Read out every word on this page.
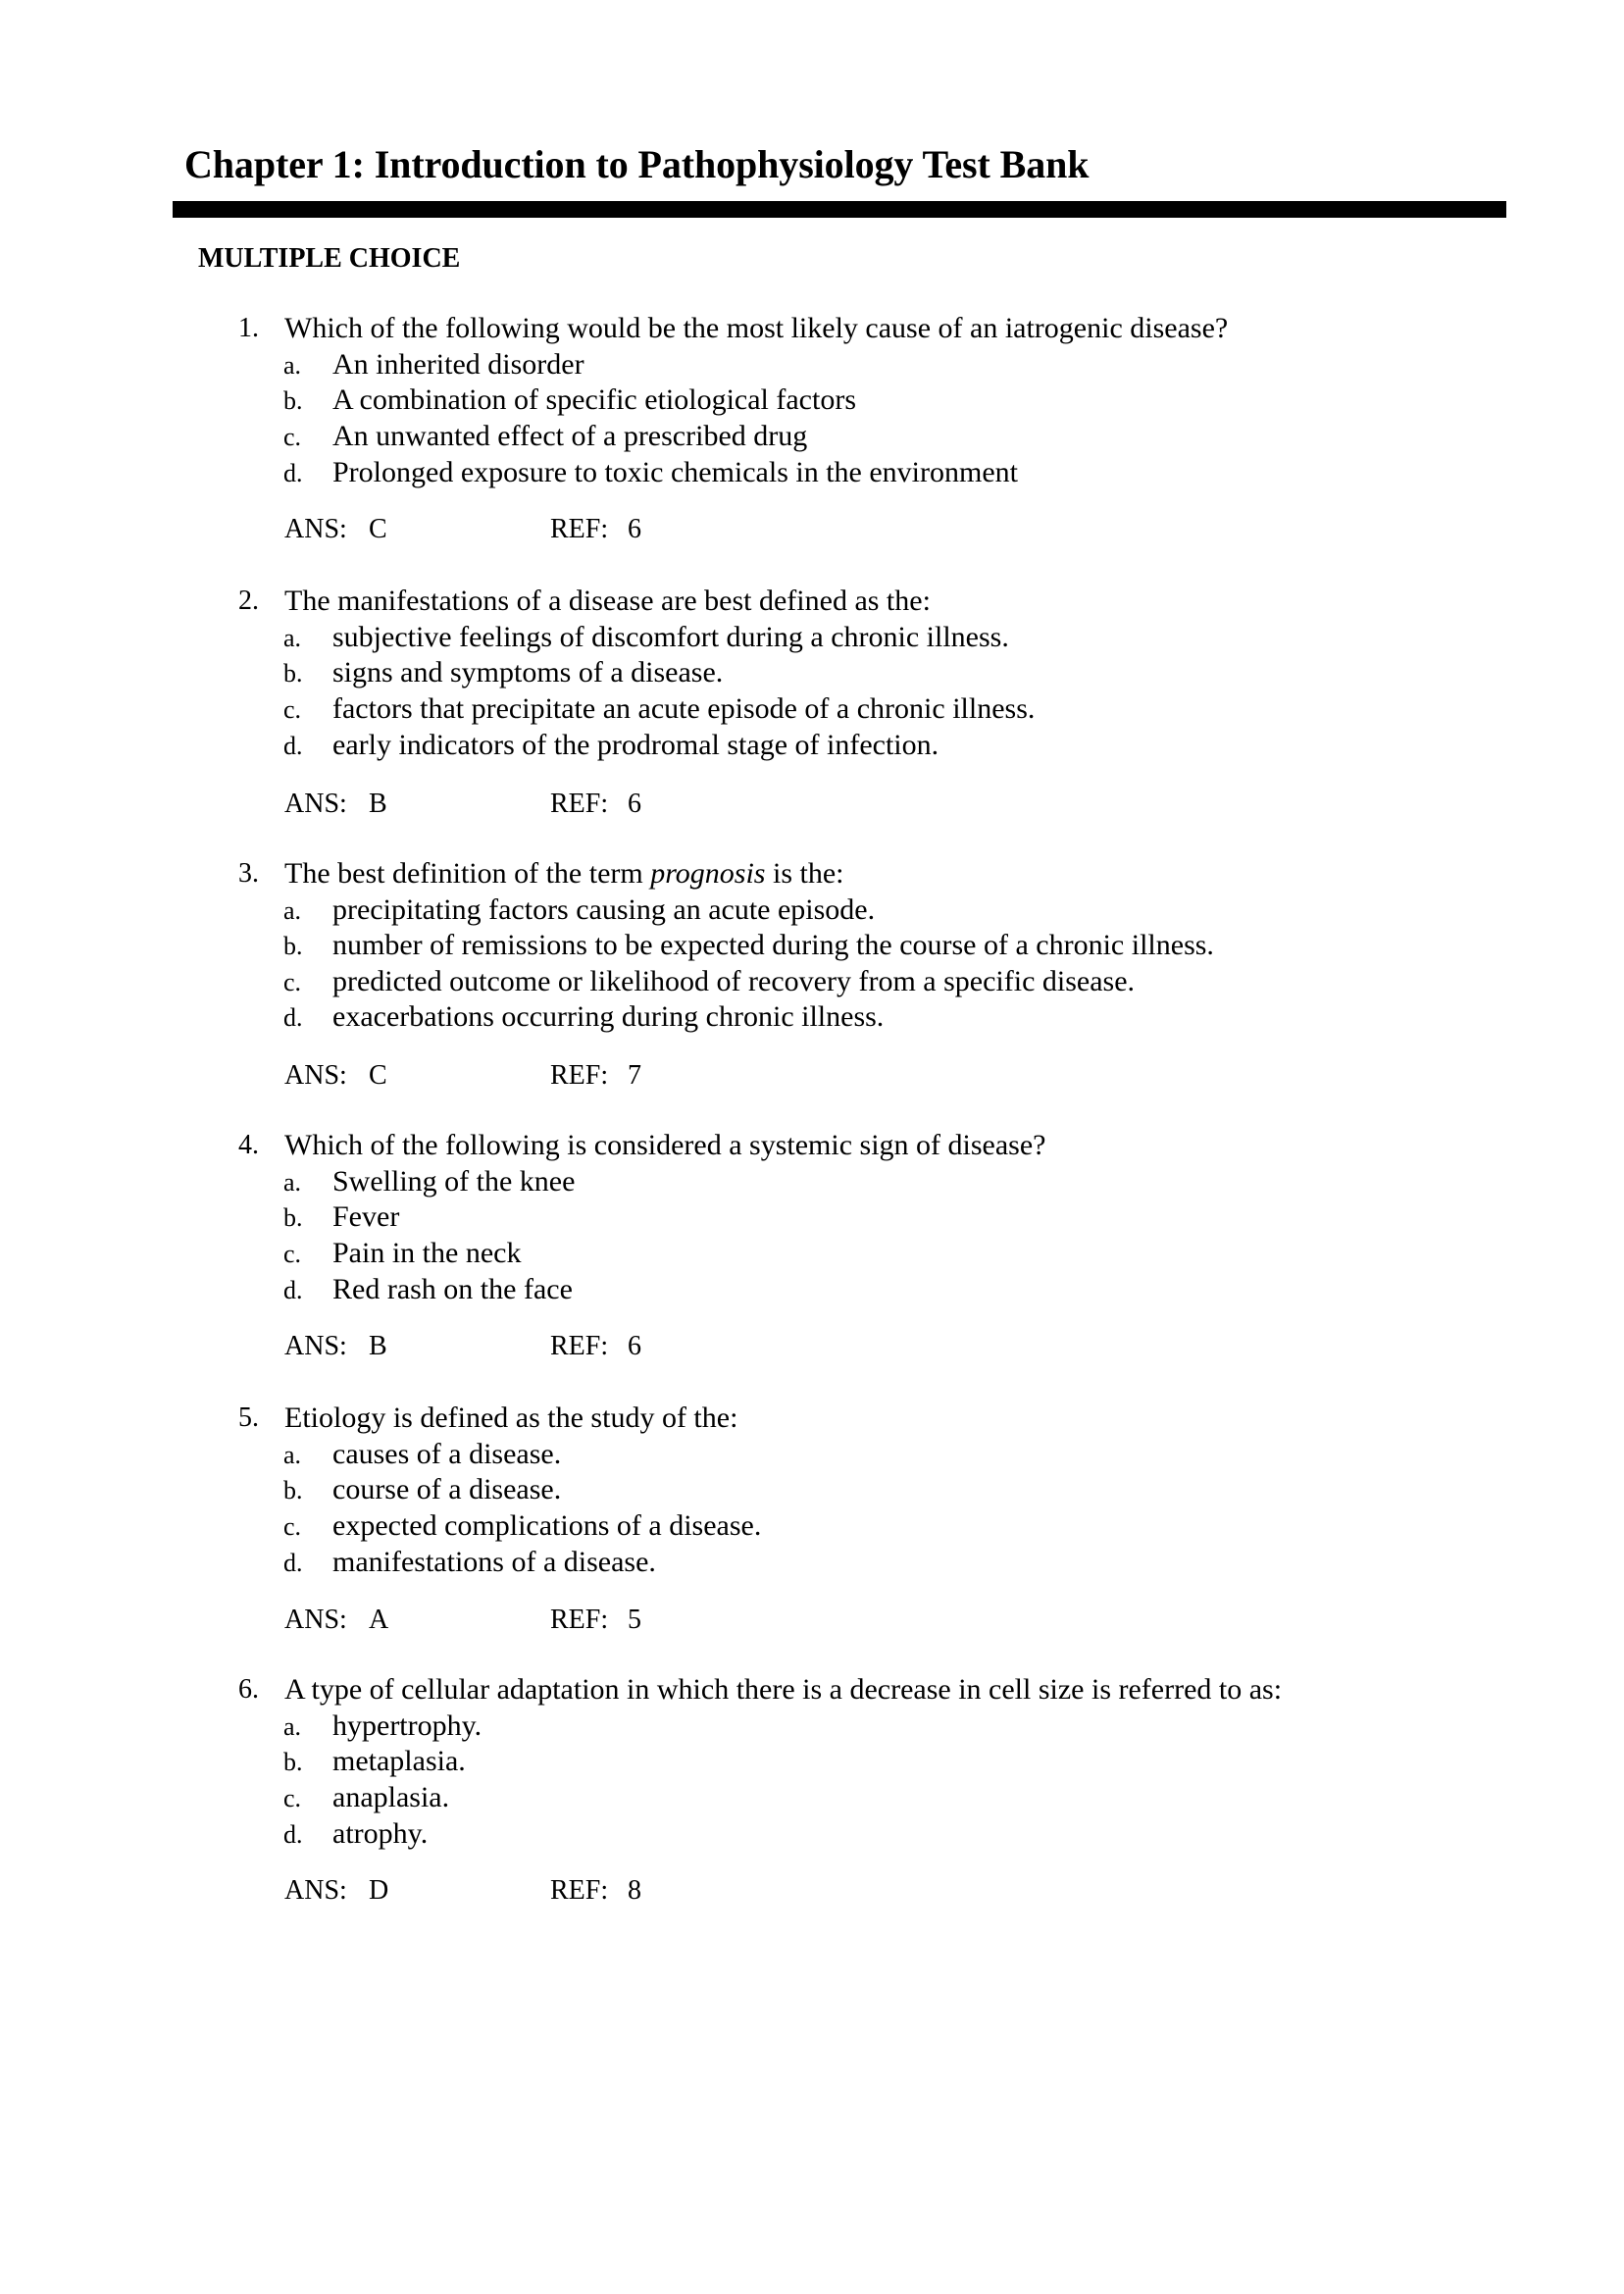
Chapter 1: Introduction to Pathophysiology Test Bank
MULTIPLE CHOICE
1. Which of the following would be the most likely cause of an iatrogenic disease?
a. An inherited disorder
b. A combination of specific etiological factors
c. An unwanted effect of a prescribed drug
d. Prolonged exposure to toxic chemicals in the environment
ANS: C	REF: 6
2. The manifestations of a disease are best defined as the:
a. subjective feelings of discomfort during a chronic illness.
b. signs and symptoms of a disease.
c. factors that precipitate an acute episode of a chronic illness.
d. early indicators of the prodromal stage of infection.
ANS: B	REF: 6
3. The best definition of the term prognosis is the:
a. precipitating factors causing an acute episode.
b. number of remissions to be expected during the course of a chronic illness.
c. predicted outcome or likelihood of recovery from a specific disease.
d. exacerbations occurring during chronic illness.
ANS: C	REF: 7
4. Which of the following is considered a systemic sign of disease?
a. Swelling of the knee
b. Fever
c. Pain in the neck
d. Red rash on the face
ANS: B	REF: 6
5. Etiology is defined as the study of the:
a. causes of a disease.
b. course of a disease.
c. expected complications of a disease.
d. manifestations of a disease.
ANS: A	REF: 5
6. A type of cellular adaptation in which there is a decrease in cell size is referred to as:
a. hypertrophy.
b. metaplasia.
c. anaplasia.
d. atrophy.
ANS: D	REF: 8
